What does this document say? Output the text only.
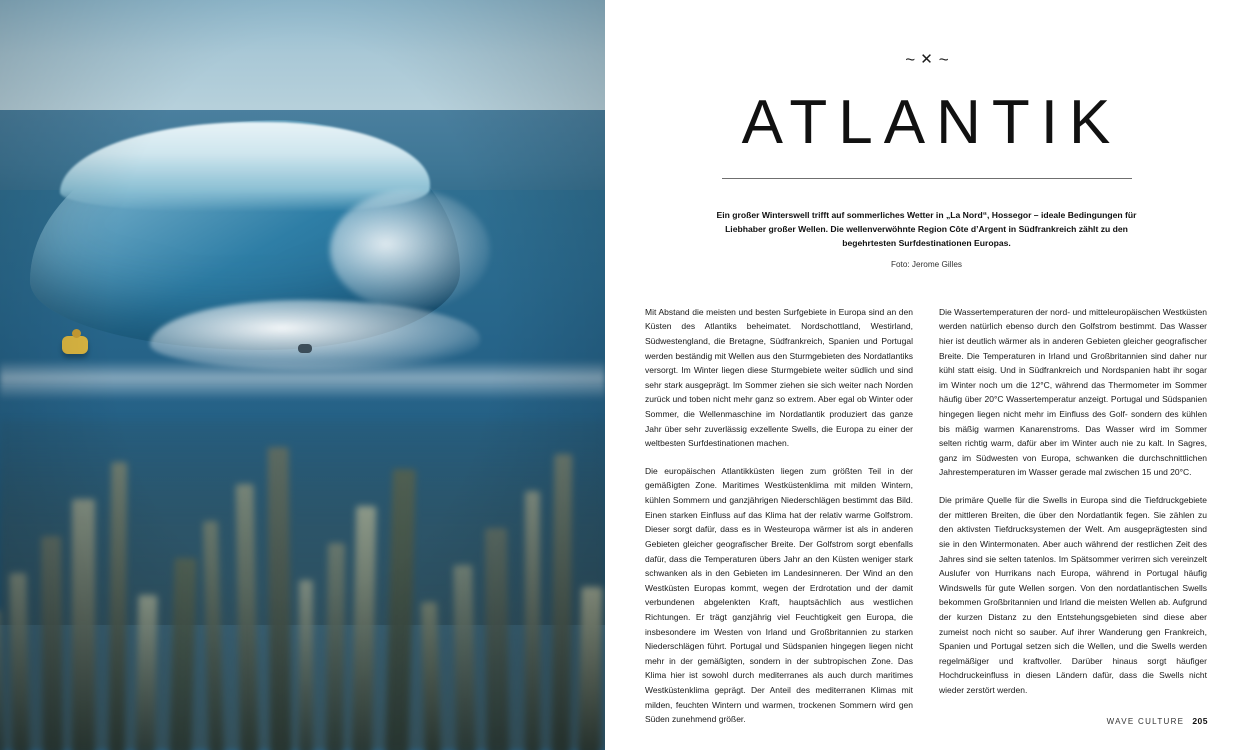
~ ✕ ~
ATLANTIK
Ein großer Winterswell trifft auf sommerliches Wetter in „La Nord“, Hossegor – ideale Bedingungen für Liebhaber großer Wellen. Die wellenverwöhnte Region Côte d’Argent in Südfrankreich zählt zu den begehrtesten Surfdestinationen Europas.
Foto: Jerome Gilles

Mit Abstand die meisten und besten Surfgebiete in Europa sind an den Küsten des Atlantiks beheimatet. Nordschottland, Westirland, Südwestengland, die Bretagne, Südfrankreich, Spanien und Portugal werden beständig mit Wellen aus den Sturmgebieten des Nordatlantiks versorgt. Im Winter liegen diese Sturmgebiete weiter südlich und sind sehr stark ausgeprägt. Im Sommer ziehen sie sich weiter nach Norden zurück und toben nicht mehr ganz so extrem. Aber egal ob Winter oder Sommer, die Wellenmaschine im Nordatlantik produziert das ganze Jahr über sehr zuverlässig exzellente Swells, die Europa zu einer der weltbesten Surfdestinationen machen.

Die europäischen Atlantikküsten liegen zum größten Teil in der gemäßigten Zone. Maritimes Westküstenklima mit milden Wintern, kühlen Sommern und ganzjährigen Niederschlägen bestimmt das Bild. Einen starken Einfluss auf das Klima hat der relativ warme Golfstrom. Dieser sorgt dafür, dass es in Westeuropa wärmer ist als in anderen Gebieten gleicher geografischer Breite. Der Golfstrom sorgt ebenfalls dafür, dass die Temperaturen übers Jahr an den Küsten weniger stark schwanken als in den Gebieten im Landesinneren. Der Wind an den Westküsten Europas kommt, wegen der Erdrotation und der damit verbundenen abgelenkten Kraft, hauptsächlich aus westlichen Richtungen. Er trägt ganzjährig viel Feuchtigkeit gen Europa, die insbesondere im Westen von Irland und Großbritannien zu starken Niederschlägen führt. Portugal und Südspanien hingegen liegen nicht mehr in der gemäßigten, sondern in der subtropischen Zone. Das Klima hier ist sowohl durch mediterranes als auch durch maritimes Westküstenklima geprägt. Der Anteil des mediterranen Klimas mit milden, feuchten Wintern und warmen, trockenen Sommern wird gen Süden zunehmend größer.

Die Wassertemperaturen der nord- und mitteleuropäischen Westküsten werden natürlich ebenso durch den Golfstrom bestimmt. Das Wasser hier ist deutlich wärmer als in anderen Gebieten gleicher geografischer Breite. Die Temperaturen in Irland und Großbritannien sind daher nur kühl statt eisig. Und in Südfrankreich und Nordspanien habt ihr sogar im Winter noch um die 12°C, während das Thermometer im Sommer häufig über 20°C Wassertemperatur anzeigt. Portugal und Südspanien hingegen liegen nicht mehr im Einfluss des Golf- sondern des kühlen bis mäßig warmen Kanarenstroms. Das Wasser wird im Sommer selten richtig warm, dafür aber im Winter auch nie zu kalt. In Sagres, ganz im Südwesten von Europa, schwanken die durchschnittlichen Jahrestemperaturen im Wasser gerade mal zwischen 15 und 20°C.

Die primäre Quelle für die Swells in Europa sind die Tiefdruckgebiete der mittleren Breiten, die über den Nordatlantik fegen. Sie zählen zu den aktivsten Tiefdrucksystemen der Welt. Am ausgeprägtesten sind sie in den Wintermonaten. Aber auch während der restlichen Zeit des Jahres sind sie selten tatenlos. Im Spätsommer verirren sich vereinzelt Auslufer von Hurrikans nach Europa, während in Portugal häufig Windswells für gute Wellen sorgen. Von den nordatlantischen Swells bekommen Großbritannien und Irland die meisten Wellen ab. Aufgrund der kurzen Distanz zu den Entstehungsgebieten sind diese aber zumeist noch nicht so sauber. Auf ihrer Wanderung gen Frankreich, Spanien und Portugal setzen sich die Wellen, und die Swells werden regelmäßiger und kraftvoller. Darüber hinaus sorgt häufiger Hochdruckeinfluss in diesen Ländern dafür, dass die Swells nicht wieder zerstört werden.

WAVE CULTURE 205
